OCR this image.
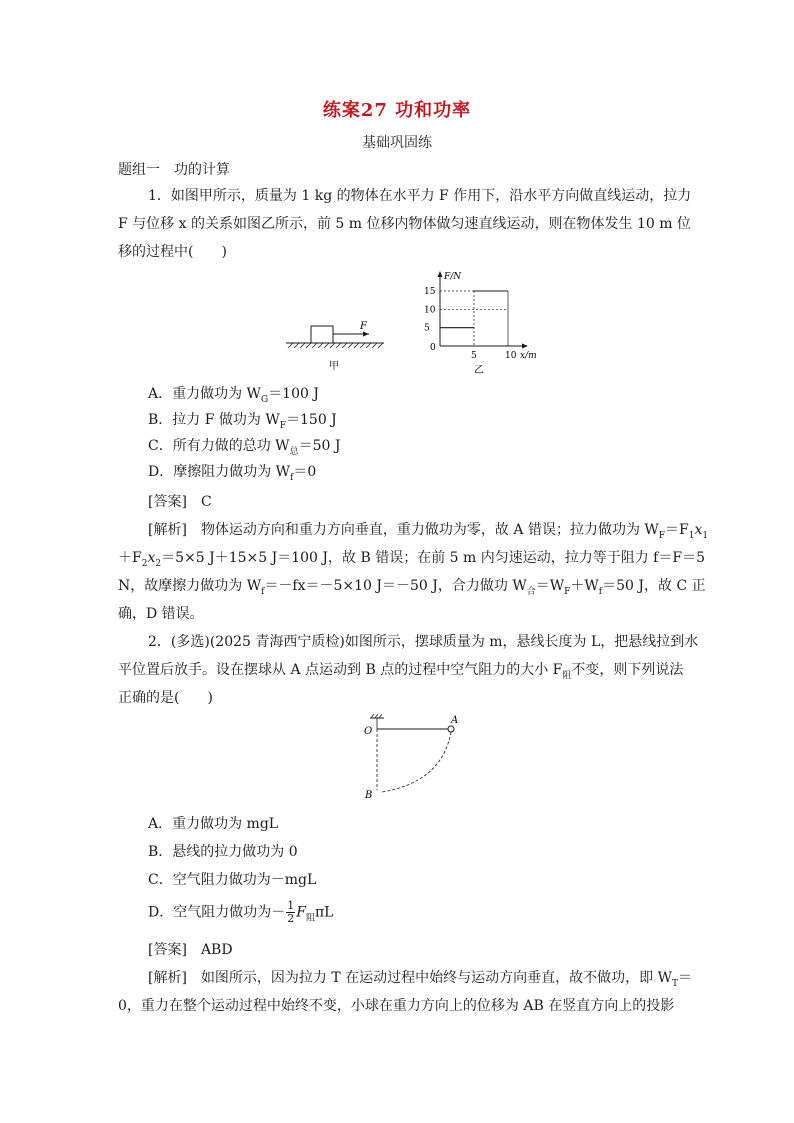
练案27 功和功率
基础巩固练
题组一　功的计算
1．如图甲所示，质量为 1 kg 的物体在水平力 F 作用下，沿水平方向做直线运动，拉力
F 与位移 x 的关系如图乙所示，前 5 m 位移内物体做匀速直线运动，则在物体发生 10 m 位
移的过程中(　　)
F
甲
F/N
x/m
0
5
10
15
5	10
乙
A．重力做功为 $W_G=100$ J
B．拉力 F 做功为 $W_F=150$ J
C．所有力做的总功 $W_总=50$ J
D．摩擦阻力做功为 $W_f=0$
[答案]　 C
[解析]　 物体运动方向和重力方向垂直，重力做功为零，故 A 错误；拉力做功为 $W_F=F_1x_1$
$+F_2x_2=5\times 5$ J＋15×5 J＝100 J，故 B 错误；在前 5 m 内匀速运动，拉力等于阻力 f＝F＝5
N，故摩擦力做功为 $W_f=-fx=-5\times 10$ J＝－50 J，合力做功 $W_合=W_F+W_f=50$ J，故 C 正
确，D 错误。
2．(多选)(2025 青海西宁质检)如图所示，摆球质量为 m，悬线长度为 L，把悬线拉到水
平位置后放手。设在摆球从 A 点运动到 B 点的过程中空气阻力的大小 $F_阻$不变，则下列说法
正确的是(　　)
O
A
B
A．重力做功为 mgL
B．悬线的拉力做功为 0
C．空气阻力做功为－mgL
D．空气阻力做功为－ $\frac{1}{2} F_阻\pi L$
[答案]　 ABD
[解析]　 如图所示，因为拉力 T 在运动过程中始终与运动方向垂直，故不做功，即 $W_T=$
0，重力在整个运动过程中始终不变，小球在重力方向上的位移为 AB 在竖直方向上的投影
